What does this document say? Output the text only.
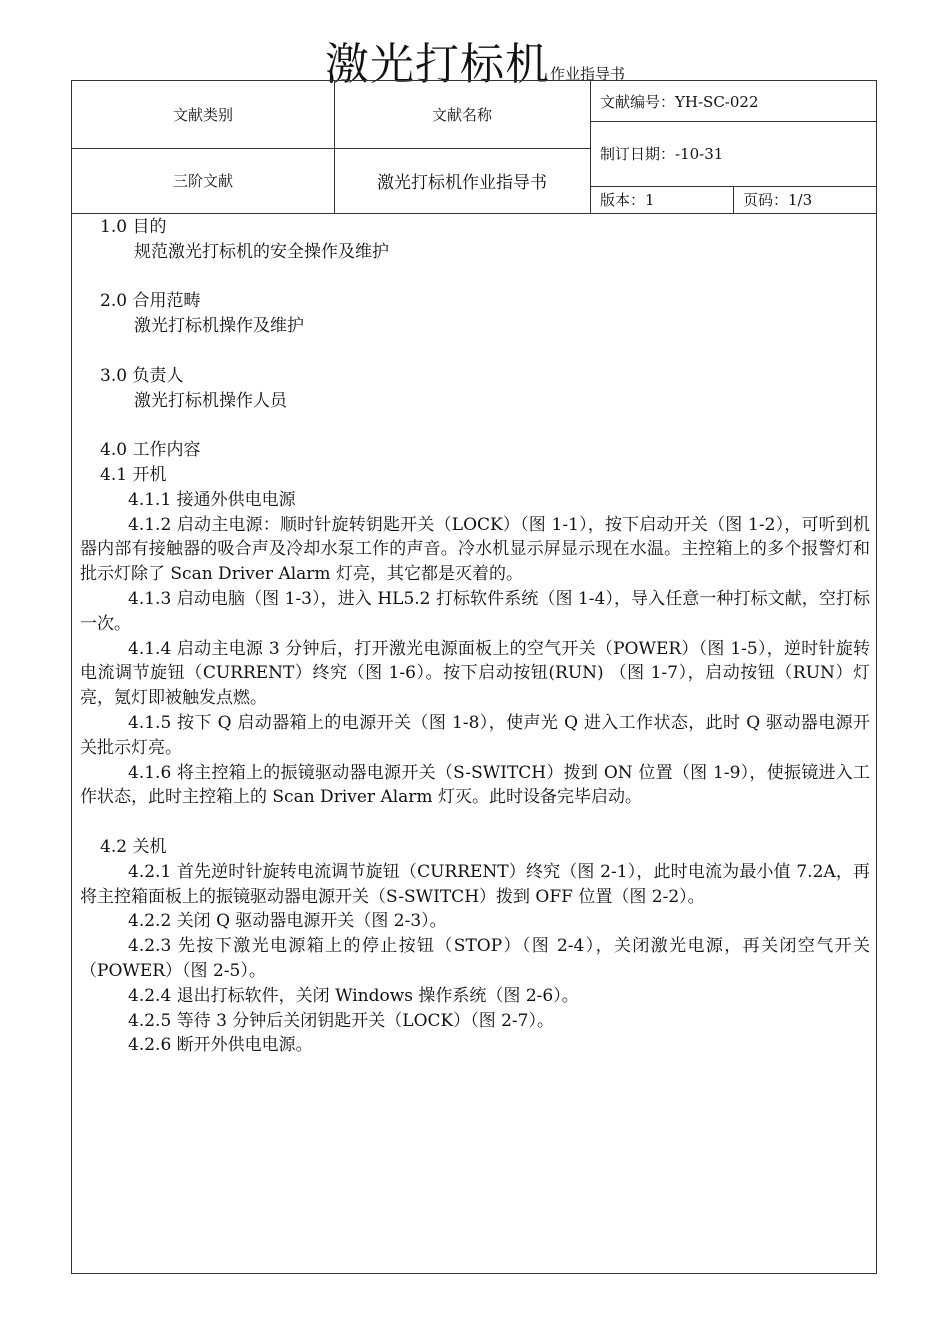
激光打标机作业指导书
文献类别	文献名称
文献编号：YH-SC-022
制订日期：-10-31
三阶文献	激光打标机作业指导书
版本：1	页码：1/3
1.0 目的
规范激光打标机的安全操作及维护
2.0 合用范畴
激光打标机操作及维护
3.0 负责人
激光打标机操作人员
4.0 工作内容
4.1 开机
4.1.1 接通外供电电源
4.1.2 启动主电源：顺时针旋转钥匙开关（LOCK）（图 1-1），按下启动开关（图 1-2），可听到机器内部有接触器的吸合声及冷却水泵工作的声音。冷水机显示屏显示现在水温。主控箱上的多个报警灯和批示灯除了 Scan Driver Alarm 灯亮，其它都是灭着的。
4.1.3 启动电脑（图 1-3），进入 HL5.2 打标软件系统（图 1-4），导入任意一种打标文献，空打标一次。
4.1.4 启动主电源 3 分钟后，打开激光电源面板上的空气开关（POWER）（图 1-5），逆时针旋转电流调节旋钮（CURRENT）终究（图 1-6）。按下启动按钮(RUN) （图 1-7），启动按钮（RUN）灯亮，氪灯即被触发点燃。
4.1.5 按下 Q 启动器箱上的电源开关（图 1-8），使声光 Q 进入工作状态，此时 Q 驱动器电源开关批示灯亮。
4.1.6 将主控箱上的振镜驱动器电源开关（S-SWITCH）拨到 ON 位置（图 1-9），使振镜进入工作状态，此时主控箱上的 Scan Driver Alarm 灯灭。此时设备完毕启动。
4.2 关机
4.2.1 首先逆时针旋转电流调节旋钮（CURRENT）终究（图 2-1），此时电流为最小值 7.2A，再将主控箱面板上的振镜驱动器电源开关（S-SWITCH）拨到 OFF 位置（图 2-2）。
4.2.2 关闭 Q 驱动器电源开关（图 2-3）。
4.2.3 先按下激光电源箱上的停止按钮（STOP）（图 2-4），关闭激光电源，再关闭空气开关（POWER）（图 2-5）。
4.2.4 退出打标软件，关闭 Windows 操作系统（图 2-6）。
4.2.5 等待 3 分钟后关闭钥匙开关（LOCK）（图 2-7）。
4.2.6 断开外供电电源。
